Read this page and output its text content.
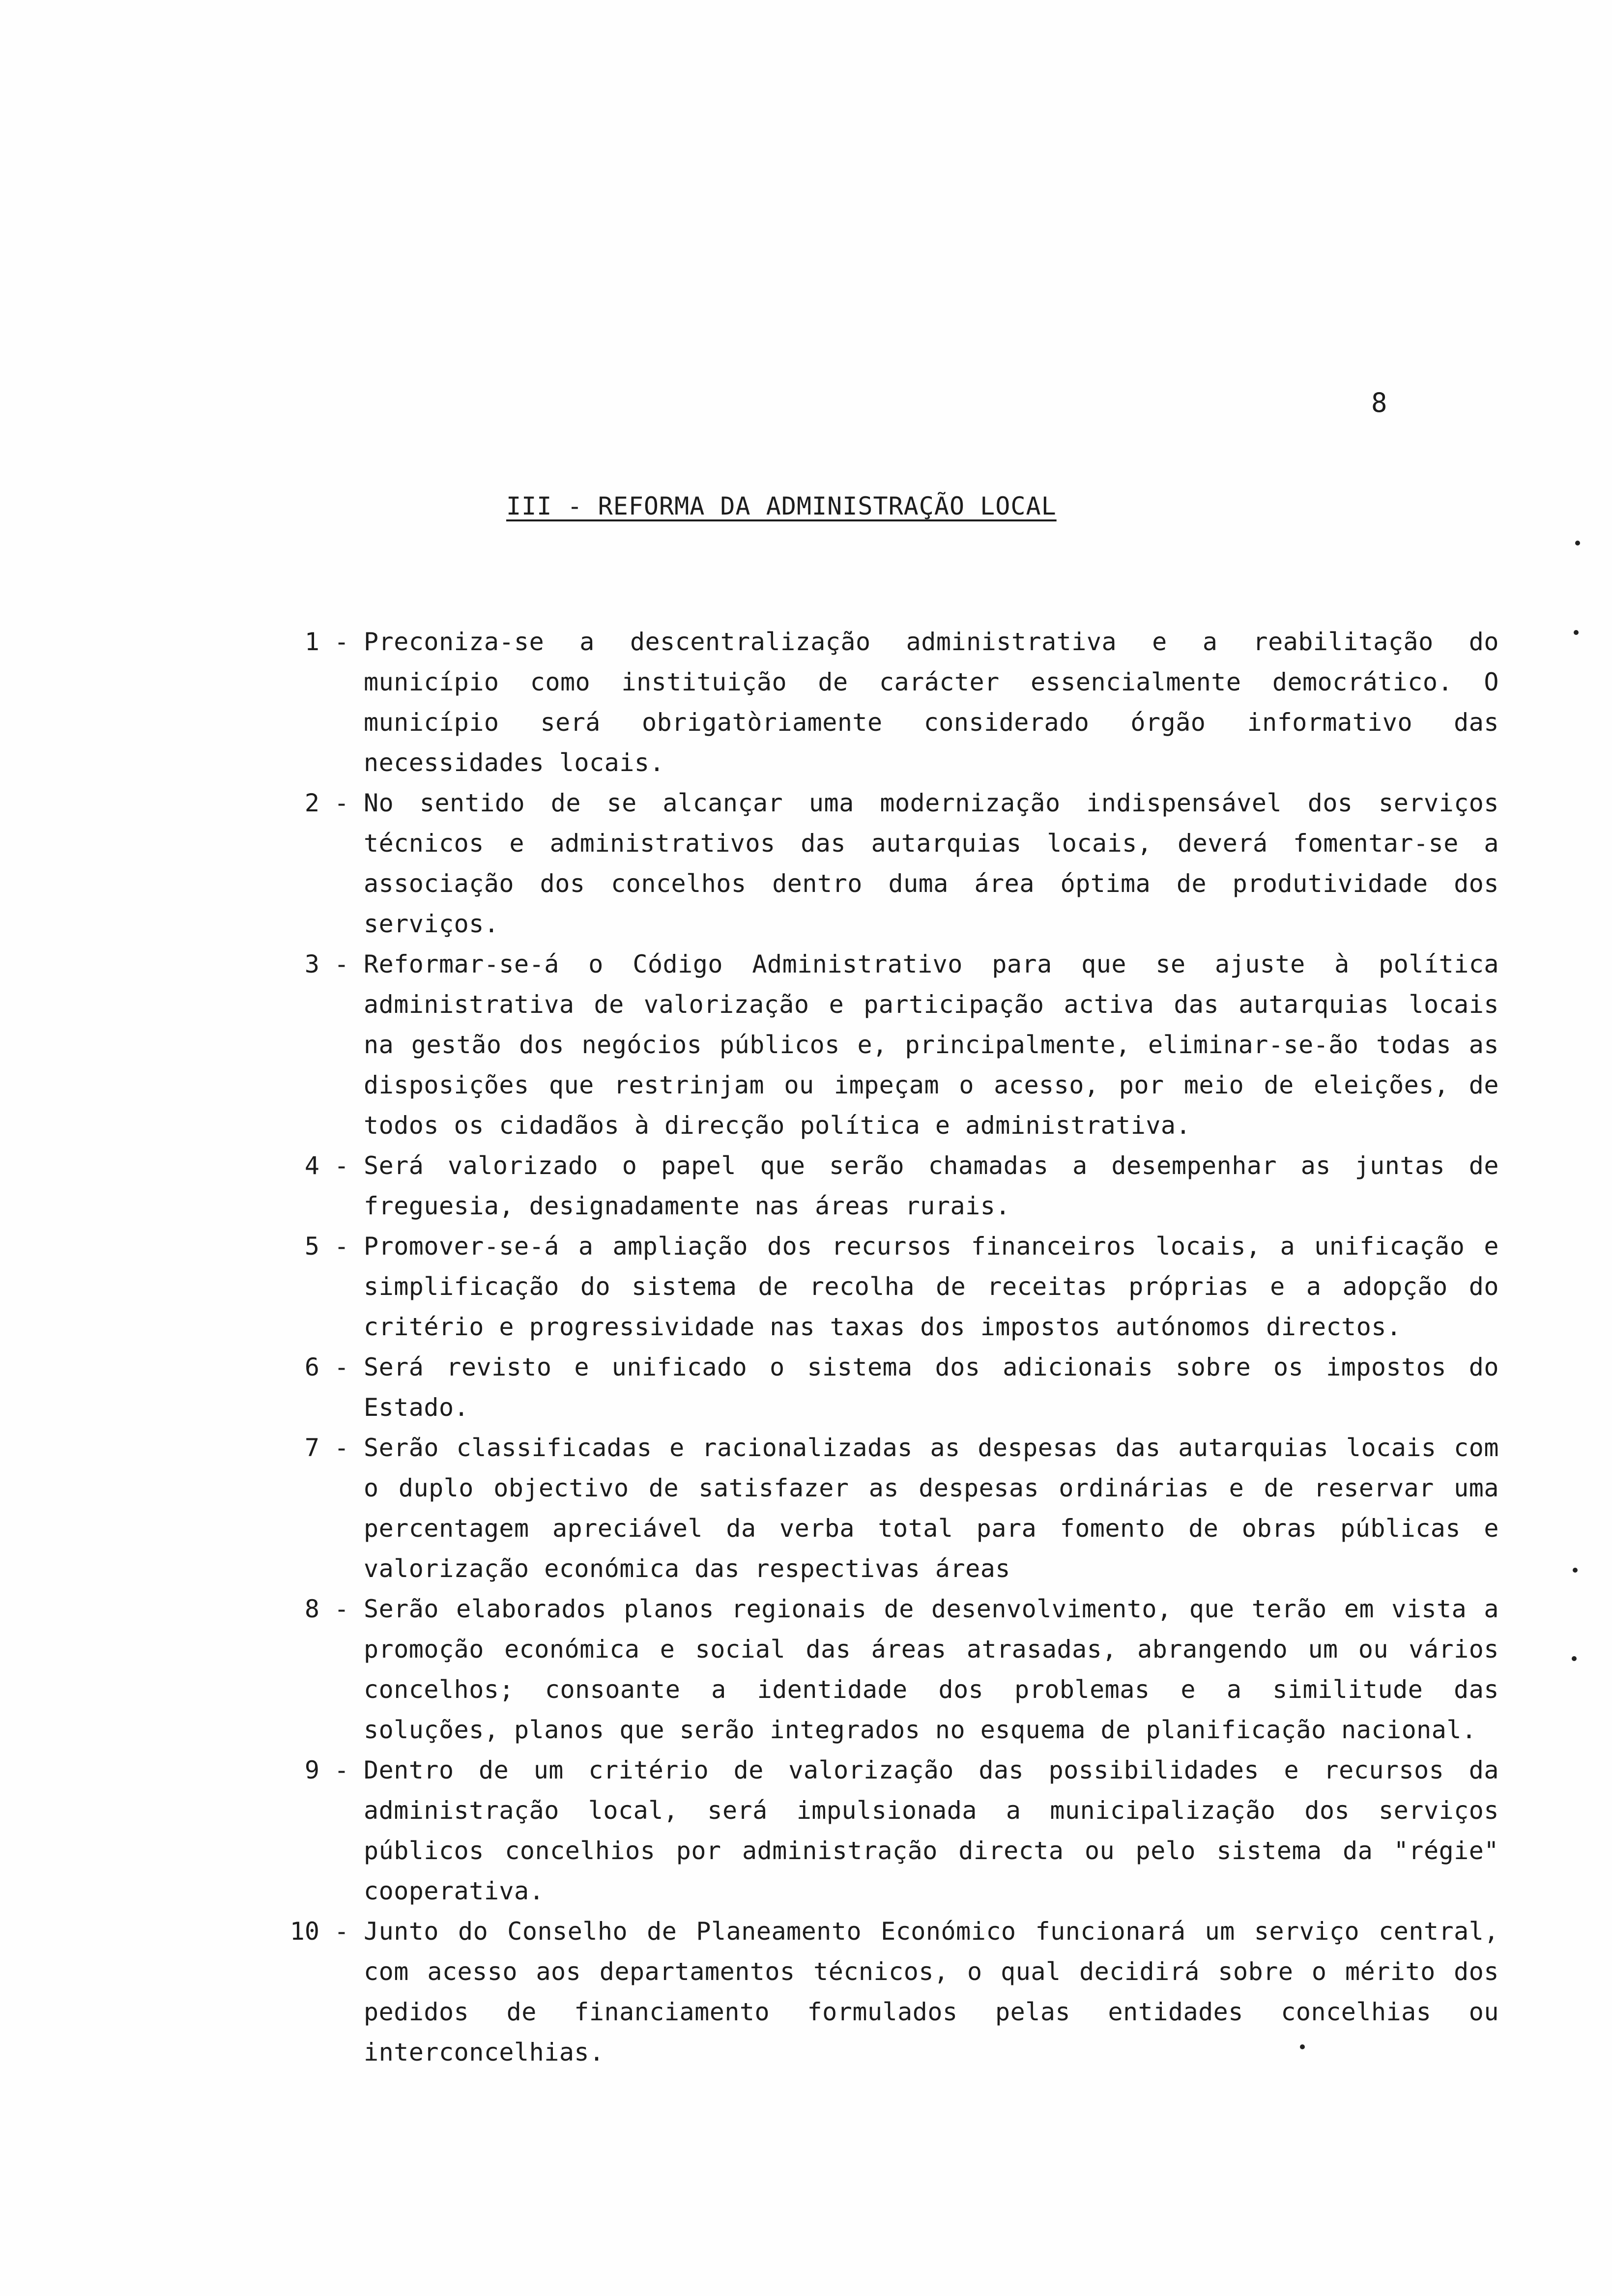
8
III - REFORMA DA ADMINISTRAÇÃO LOCAL
1 - Preconiza-se a descentralização administrativa e a reabilitação do município como instituição de carácter essencialmente democrático. O município será obrigatòriamente considerado órgão informativo das necessidades locais.
2 - No sentido de se alcançar uma modernização indispensável dos serviços técnicos e administrativos das autarquias locais, deverá fomentar-se a associação dos concelhos dentro duma área óptima de produtividade dos serviços.
3 - Reformar-se-á o Código Administrativo para que se ajuste à política administrativa de valorização e participação activa das autarquias locais na gestão dos negócios públicos e, principalmente, eliminar-se-ão todas as disposições que restrinjam ou impeçam o acesso, por meio de eleições, de todos os cidadãos à direcção política e administrativa.
4 - Será valorizado o papel que serão chamadas a desempenhar as juntas de freguesia, designadamente nas áreas rurais.
5 - Promover-se-á a ampliação dos recursos financeiros locais, a unificação e simplificação do sistema de recolha de receitas próprias e a adopção do critério e progressividade nas taxas dos impostos autónomos directos.
6 - Será revisto e unificado o sistema dos adicionais sobre os impostos do Estado.
7 - Serão classificadas e racionalizadas as despesas das autarquias locais com o duplo objectivo de satisfazer as despesas ordinárias e de reservar uma percentagem apreciável da verba total para fomento de obras públicas e valorização económica das respectivas áreas
8 - Serão elaborados planos regionais de desenvolvimento, que terão em vista a promoção económica e social das áreas atrasadas, abrangendo um ou vários concelhos; consoante a identidade dos problemas e a similitude das soluções, planos que serão integrados no esquema de planificação nacional.
9 - Dentro de um critério de valorização das possibilidades e recursos da administração local, será impulsionada a municipalização dos serviços públicos concelhios por administração directa ou pelo sistema da "régie" cooperativa.
10 - Junto do Conselho de Planeamento Económico funcionará um serviço central, com acesso aos departamentos técnicos, o qual decidirá sobre o mérito dos pedidos de financiamento formulados pelas entidades concelhias ou interconcelhias.
